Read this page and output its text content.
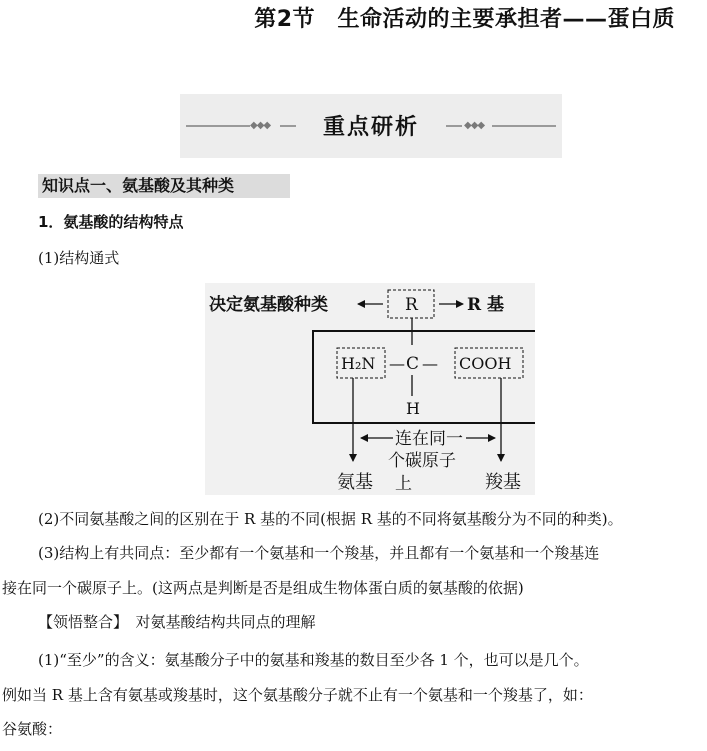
第2节　生命活动的主要承担者——蛋白质
◆◆◆	重点研析	◆◆◆
知识点一、氨基酸及其种类
1．氨基酸的结构特点
(1)结构通式
决定氨基酸种类	R	R 基
H₂N — C — COOH
H
连在同一
个碳原子
上
氨基	羧基
(2)不同氨基酸之间的区别在于 R 基的不同(根据 R 基的不同将氨基酸分为不同的种类)。
(3)结构上有共同点：至少都有一个氨基和一个羧基，并且都有一个氨基和一个羧基连
接在同一个碳原子上。(这两点是判断是否是组成生物体蛋白质的氨基酸的依据)
【领悟整合】　对氨基酸结构共同点的理解
(1)“至少”的含义：氨基酸分子中的氨基和羧基的数目至少各 1 个，也可以是几个。
例如当 R 基上含有氨基或羧基时，这个氨基酸分子就不止有一个氨基和一个羧基了，如：
谷氨酸：
